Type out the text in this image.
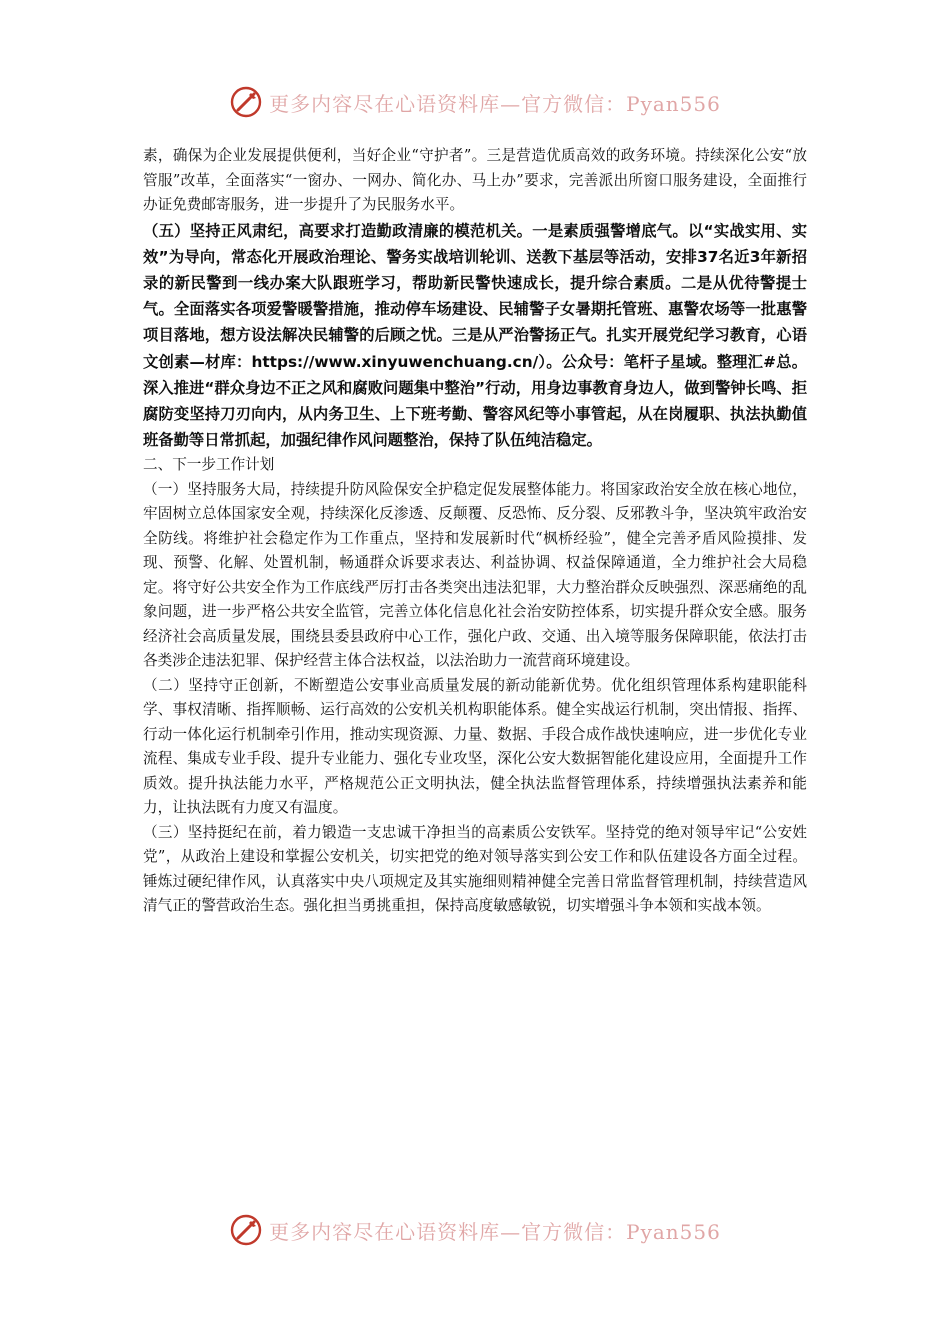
更多内容尽在心语资料库—官方微信：Pyan556

素，确保为企业发展提供便利，当好企业“守护者”。三是营造优质高效的政务环境。持续深化公安“放管服”改革，全面落实“一窗办、一网办、简化办、马上办”要求，完善派出所窗口服务建设，全面推行办证免费邮寄服务，进一步提升了为民服务水平。

（五）坚持正风肃纪，高要求打造勤政清廉的模范机关。一是素质强警增底气。以“实战实用、实效”为导向，常态化开展政治理论、警务实战培训轮训、送教下基层等活动，安排37名近3年新招录的新民警到一线办案大队跟班学习，帮助新民警快速成长，提升综合素质。二是从优待警提士气。全面落实各项爱警暖警措施，推动停车场建设、民辅警子女暑期托管班、惠警农场等一批惠警项目落地，想方设法解决民辅警的后顾之忧。三是从严治警扬正气。扎实开展党纪学习教育，心语文创素—材库：https://www.xinyuwenchuang.cn/）。公众号：笔杆子星域。整理汇#总。深入推进“群众身边不正之风和腐败问题集中整治”行动，用身边事教育身边人，做到警钟长鸣、拒腐防变坚持刀刃向内，从内务卫生、上下班考勤、警容风纪等小事管起，从在岗履职、执法执勤值班备勤等日常抓起，加强纪律作风问题整治，保持了队伍纯洁稳定。

二、下一步工作计划

（一）坚持服务大局，持续提升防风险保安全护稳定促发展整体能力。将国家政治安全放在核心地位，牢固树立总体国家安全观，持续深化反渗透、反颠覆、反恐怖、反分裂、反邪教斗争，坚决筑牢政治安全防线。将维护社会稳定作为工作重点，坚持和发展新时代“枫桥经验”，健全完善矛盾风险摸排、发现、预警、化解、处置机制，畅通群众诉要求表达、利益协调、权益保障通道，全力维护社会大局稳定。将守好公共安全作为工作底线严厉打击各类突出违法犯罪，大力整治群众反映强烈、深恶痛绝的乱象问题，进一步严格公共安全监管，完善立体化信息化社会治安防控体系，切实提升群众安全感。服务经济社会高质量发展，围绕县委县政府中心工作，强化户政、交通、出入境等服务保障职能，依法打击各类涉企违法犯罪、保护经营主体合法权益，以法治助力一流营商环境建设。

（二）坚持守正创新，不断塑造公安事业高质量发展的新动能新优势。优化组织管理体系构建职能科学、事权清晰、指挥顺畅、运行高效的公安机关机构职能体系。健全实战运行机制，突出情报、指挥、行动一体化运行机制牵引作用，推动实现资源、力量、数据、手段合成作战快速响应，进一步优化专业流程、集成专业手段、提升专业能力、强化专业攻坚，深化公安大数据智能化建设应用，全面提升工作质效。提升执法能力水平，严格规范公正文明执法，健全执法监督管理体系，持续增强执法素养和能力，让执法既有力度又有温度。

（三）坚持挺纪在前，着力锻造一支忠诚干净担当的高素质公安铁军。坚持党的绝对领导牢记“公安姓党”，从政治上建设和掌握公安机关，切实把党的绝对领导落实到公安工作和队伍建设各方面全过程。锤炼过硬纪律作风，认真落实中央八项规定及其实施细则精神健全完善日常监督管理机制，持续营造风清气正的警营政治生态。强化担当勇挑重担，保持高度敏感敏锐，切实增强斗争本领和实战本领。

更多内容尽在心语资料库—官方微信：Pyan556
